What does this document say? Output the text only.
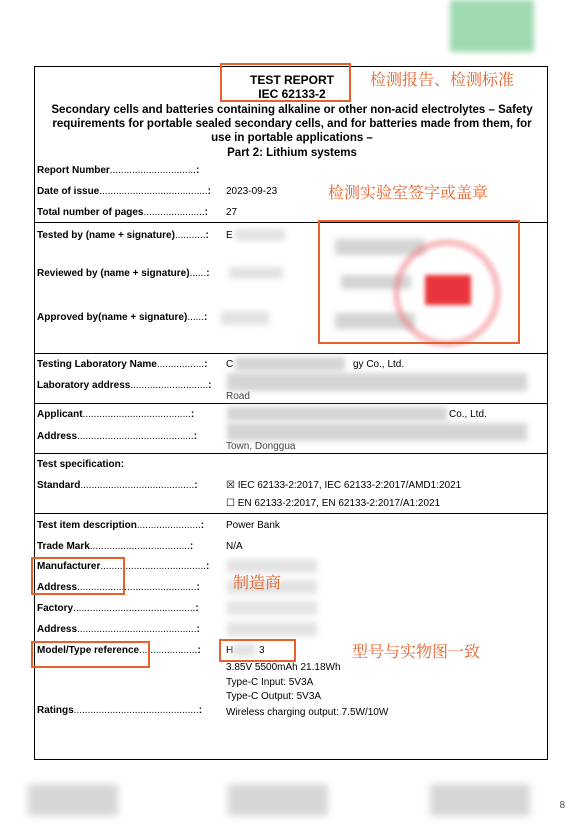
TEST REPORT
IEC 62133-2
Secondary cells and batteries containing alkaline or other non-acid electrolytes – Safety requirements for portable sealed secondary cells, and for batteries made from them, for use in portable applications –
Part 2: Lithium systems
Report Number...............................:
Date of issue.......................................: 2023-09-23
Total number of pages......................: 27
Tested by (name + signature)...........: E
Reviewed by (name + signature)......:
Approved by(name + signature)......:
Testing Laboratory Name.................: C	gy Co., Ltd.
Laboratory address............................:
Road
Applicant.......................................:	Co., Ltd.
Address..........................................:
Town, Donggua
Test specification:
Standard.........................................:	☒ IEC 62133-2:2017, IEC 62133-2:2017/AMD1:2021
☐ EN 62133-2:2017, EN 62133-2:2017/A1:2021
Test item description.......................: Power Bank
Trade Mark....................................:	N/A
Manufacturer......................................:
Address...........................................:
Factory............................................:
Address...........................................:
Model/Type reference.....................:	H	3
3.85V 5500mAh 21.18Wh
Type-C Input: 5V3A
Type-C Output: 5V3A
Ratings.............................................: Wireless charging output: 7.5W/10W
检测报告、检测标准
检测实验室签字或盖章
制造商
型号与实物图一致
8
